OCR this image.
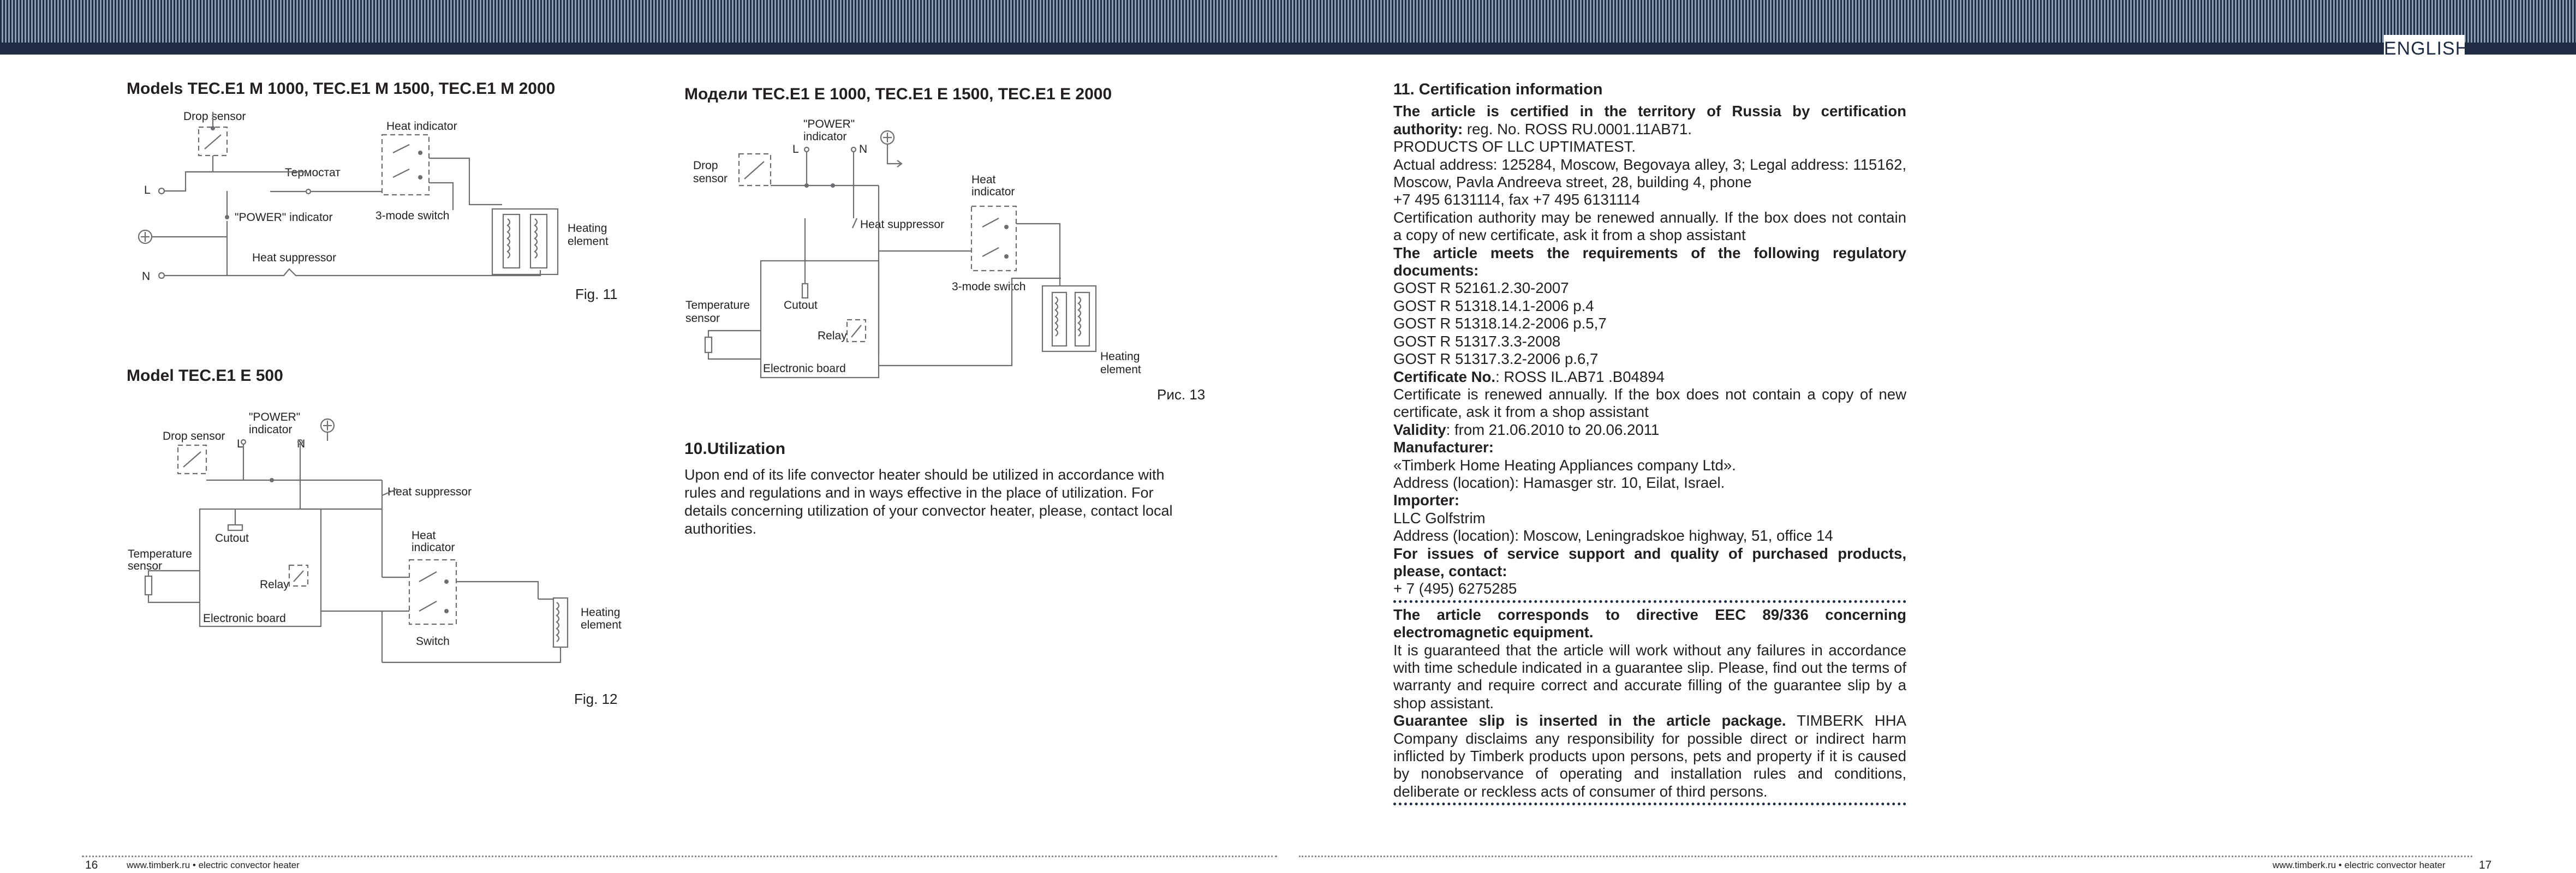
ENGLISH
Models TEC.E1 M 1000, TEC.E1 M 1500, TEC.E1 M 2000
Drop sensor
Heat indicator
Термостат
L
"POWER" indicator	3-mode switch
Heating
element
Heat suppressor
N
Fig. 11
Model TEC.E1 E 500
"POWER"
indicator
Drop sensor
L	N
Heat suppressor
Cutout	Heat
indicator
Temperature
sensor
Relay
Electronic board	Heating
element
Switch
Fig. 12
Модели TEC.E1 E 1000, TEC.E1 E 1500, TEC.E1 E 2000
"POWER"
indicator
L	N
Drop
sensor	Heat
indicator
Heat suppressor
3-mode switch
Temperature
sensor
Cutout
Relay
Electronic board
Heating
element
Рис. 13
10.Utilization
Upon end of its life convector heater should be utilized in accordance with rules and regulations and in ways effective in the place of utilization. For details concerning utilization of your convector heater, please, contact local authorities.

11. Certification information

The article is certified in the territory of Russia by certification authority: reg. No. ROSS RU.0001.11AB71.

PRODUCTS OF LLC UPTIMATEST.

Actual address: 125284, Moscow, Begovaya alley, 3; Legal address: 115162, Moscow, Pavla Andreeva street, 28, building 4, phone

+7 495 6131114, fax +7 495 6131114

Certification authority may be renewed annually. If the box does not contain a copy of new certificate, ask it from a shop assistant

The article meets the requirements of the following regulatory documents:

GOST R 52161.2.30-2007

GOST R 51318.14.1-2006 p.4

GOST R 51318.14.2-2006 p.5,7

GOST R 51317.3.3-2008

GOST R 51317.3.2-2006 p.6,7

Certificate No.: ROSS IL.AB71 .B04894

Certificate is renewed annually. If the box does not contain a copy of new certificate, ask it from a shop assistant

Validity: from 21.06.2010 to 20.06.2011

Manufacturer:

«Timberk Home Heating Appliances company Ltd».

Address (location): Hamasger str. 10, Eilat, Israel.

Importer:

LLC Golfstrim

Address (location): Moscow, Leningradskoe highway, 51, office 14

For issues of service support and quality of purchased products, please, contact:

+ 7 (495) 6275285

The article corresponds to directive EEC 89/336 concerning electromagnetic equipment.

It is guaranteed that the article will work without any failures in accordance with time schedule indicated in a guarantee slip. Please, find out the terms of warranty and require correct and accurate filling of the guarantee slip by a shop assistant.

Guarantee slip is inserted in the article package. TIMBERK HHA Company disclaims any responsibility for possible direct or indirect harm inflicted by Timberk products upon persons, pets and property if it is caused by nonobservance of operating and installation rules and conditions, deliberate or reckless acts of consumer of third persons.

16	www.timberk.ru • electric convector heater	www.timberk.ru • electric convector heater	17
